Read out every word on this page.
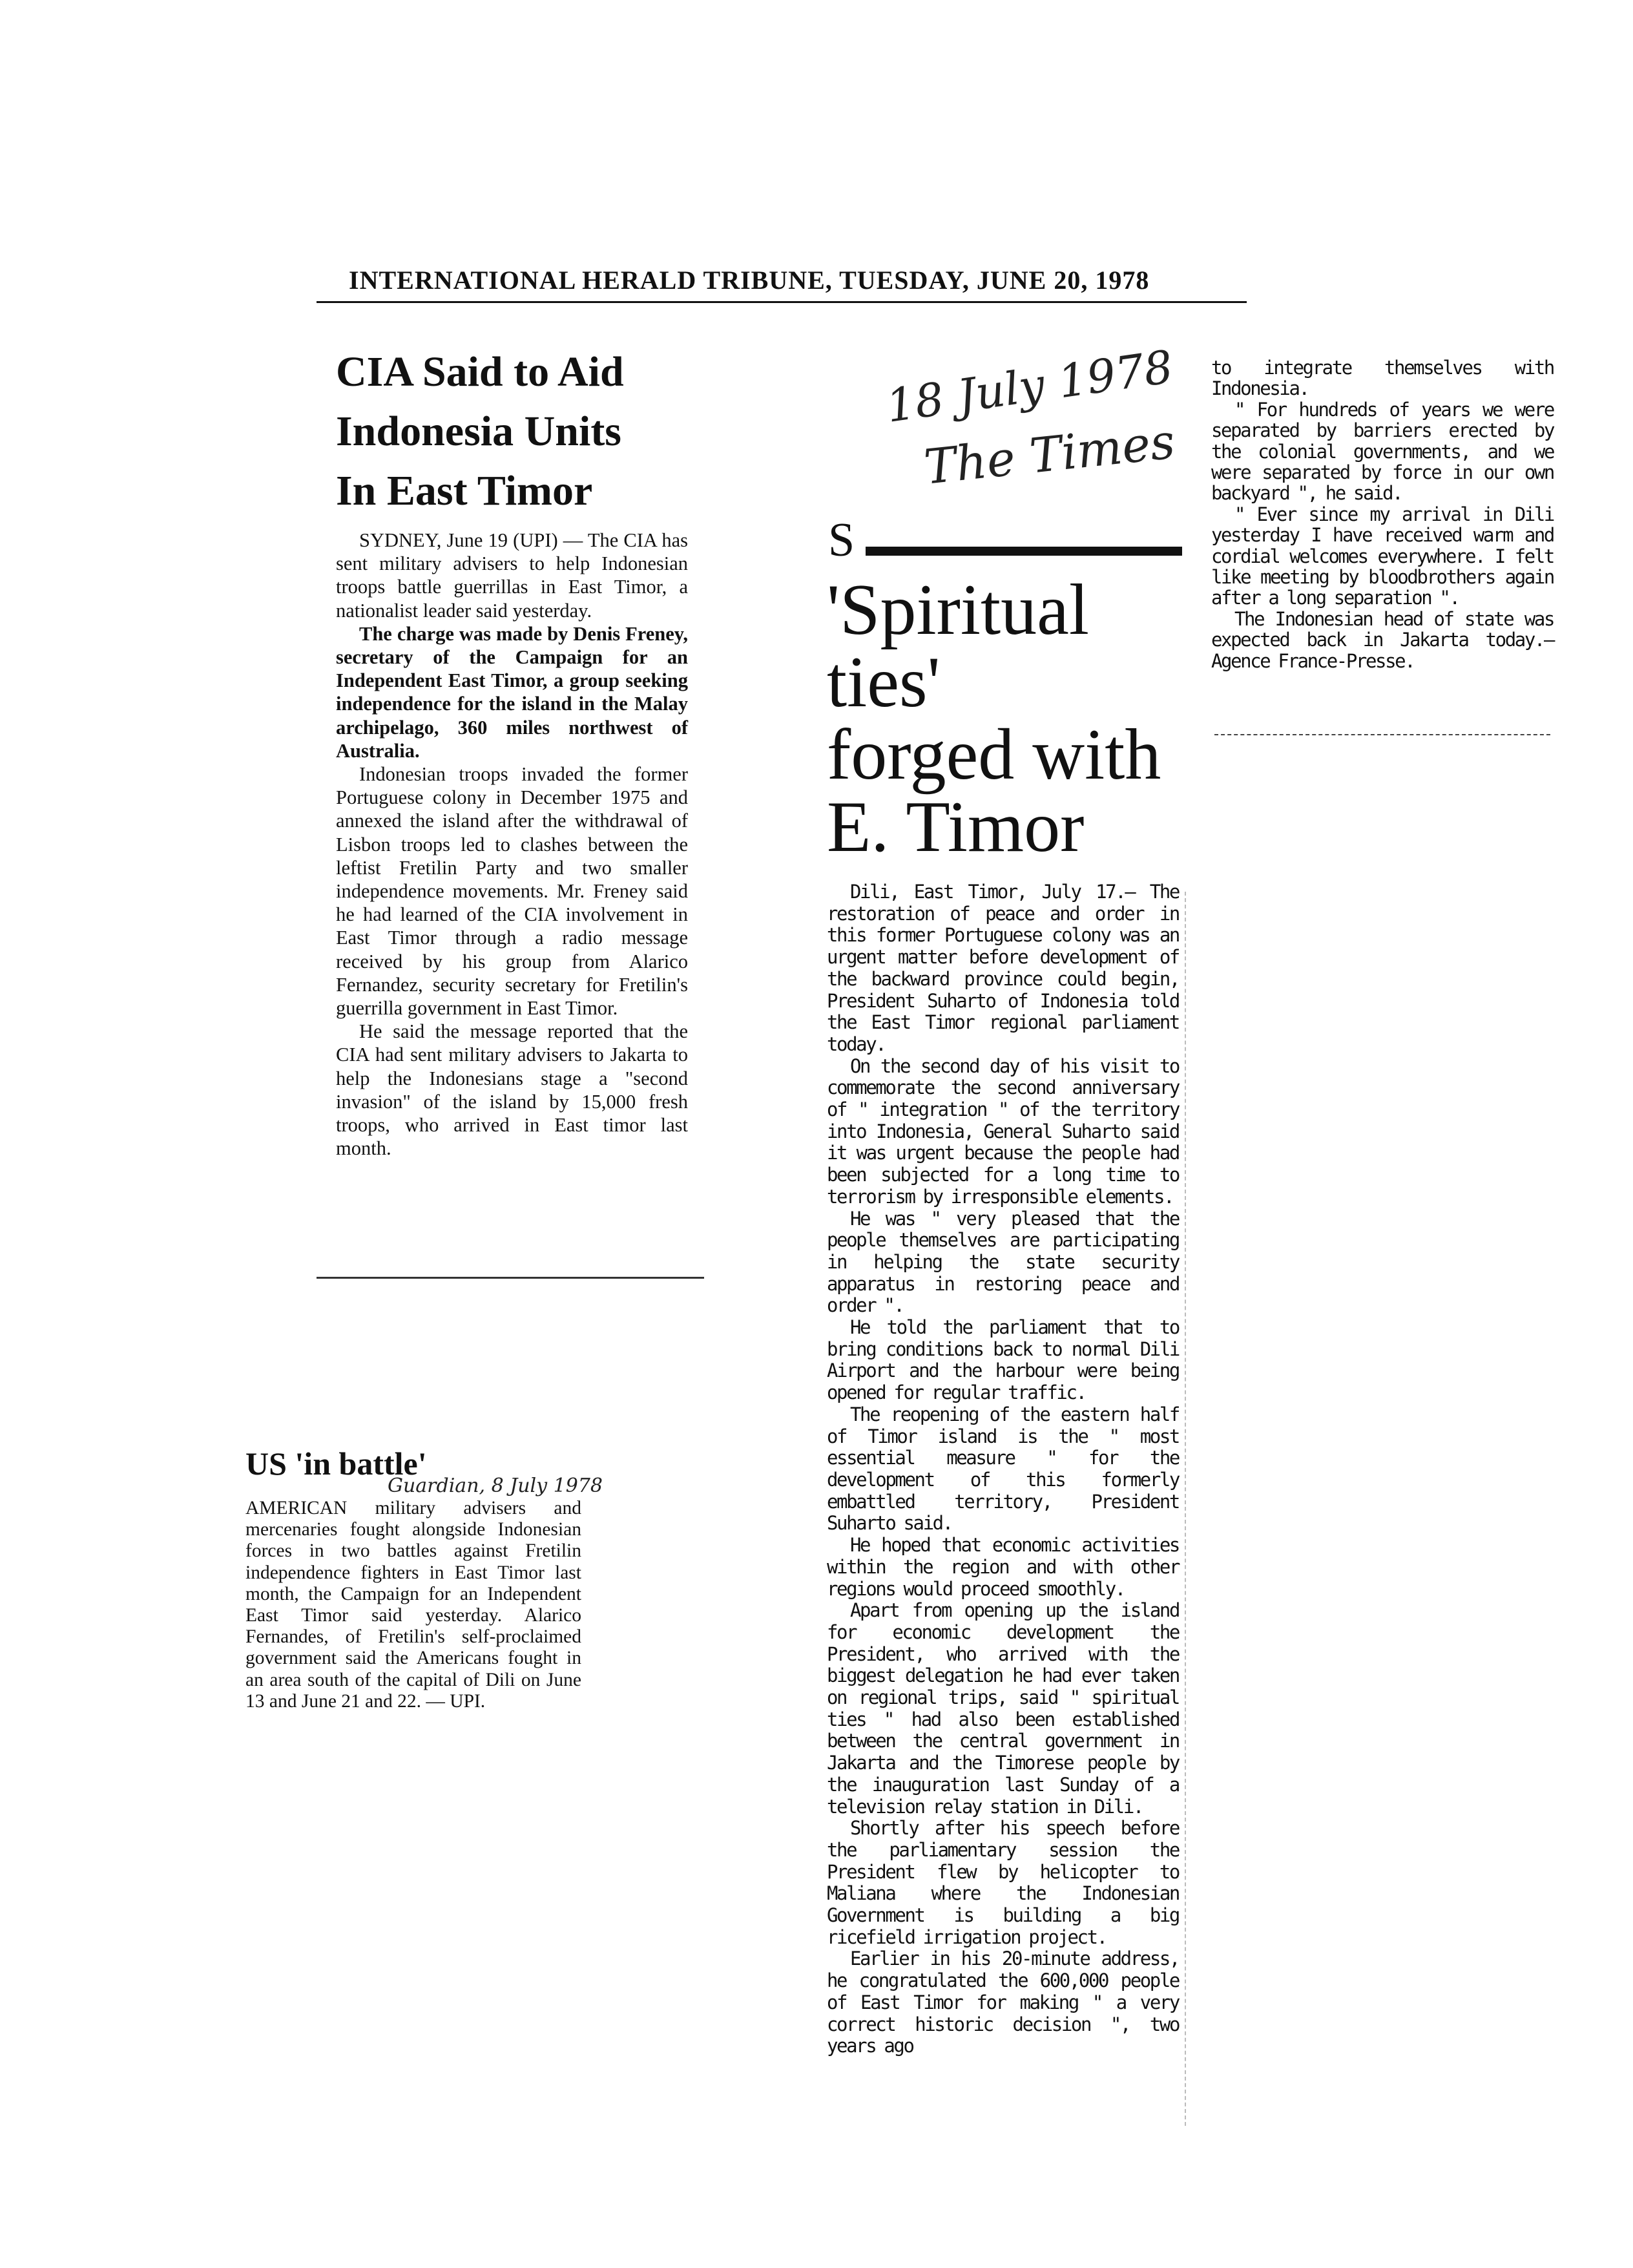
INTERNATIONAL HERALD TRIBUNE, TUESDAY, JUNE 20, 1978
CIA Said to Aid
Indonesia Units
In East Timor

SYDNEY, June 19 (UPI) — The CIA has sent military advisers to help Indonesian troops battle guerrillas in East Timor, a nationalist leader said yesterday.

The charge was made by Denis Freney, secretary of the Campaign for an Independent East Timor, a group seeking independence for the island in the Malay archipelago, 360 miles northwest of Australia.

Indonesian troops invaded the former Portuguese colony in December 1975 and annexed the island after the withdrawal of Lisbon troops led to clashes between the leftist Fretilin Party and two smaller independence movements. Mr. Freney said he had learned of the CIA involvement in East Timor through a radio message received by his group from Alarico Fernandez, security secretary for Fretilin's guerrilla government in East Timor.

He said the message reported that the CIA had sent military advisers to Jakarta to help the Indonesians stage a "second invasion" of the island by 15,000 fresh troops, who arrived in East timor last month.

US 'in battle'
Guardian, 8 July 1978

AMERICAN military advisers and mercenaries fought alongside Indonesian forces in two battles against Fretilin independence fighters in East Timor last month, the Campaign for an Independent East Timor said yesterday. Alarico Fernandes, of Fretilin's self-proclaimed government said the Americans fought in an area south of the capital of Dili on June 13 and June 21 and 22. — UPI.

18 July 1978
The Times
S
'Spiritual
ties'
forged with
E. Timor

Dili, East Timor, July 17.— The restoration of peace and order in this former Portuguese colony was an urgent matter before development of the backward province could begin, President Suharto of Indonesia told the East Timor regional parliament today.

On the second day of his visit to commemorate the second anniversary of " integration " of the territory into Indonesia, General Suharto said it was urgent because the people had been subjected for a long time to terrorism by irresponsible elements.

He was " very pleased that the people themselves are participating in helping the state security apparatus in restoring peace and order ".

He told the parliament that to bring conditions back to normal Dili Airport and the harbour were being opened for regular traffic.

The reopening of the eastern half of Timor island is the " most essential measure " for the development of this formerly embattled territory, President Suharto said.

He hoped that economic activities within the region and with other regions would proceed smoothly.

Apart from opening up the island for economic development the President, who arrived with the biggest delegation he had ever taken on regional trips, said " spiritual ties " had also been established between the central government in Jakarta and the Timorese people by the inauguration last Sunday of a television relay station in Dili.

Shortly after his speech before the parliamentary session the President flew by helicopter to Maliana where the Indonesian Government is building a big ricefield irrigation project.

Earlier in his 20-minute address, he congratulated the 600,000 people of East Timor for making " a very correct historic decision ", two years ago

to integrate themselves with Indonesia.

" For hundreds of years we were separated by barriers erected by the colonial governments, and we were separated by force in our own backyard ", he said.

" Ever since my arrival in Dili yesterday I have received warm and cordial welcomes everywhere. I felt like meeting by bloodbrothers again after a long separation ".

The Indonesian head of state was expected back in Jakarta today.—Agence France-Presse.
